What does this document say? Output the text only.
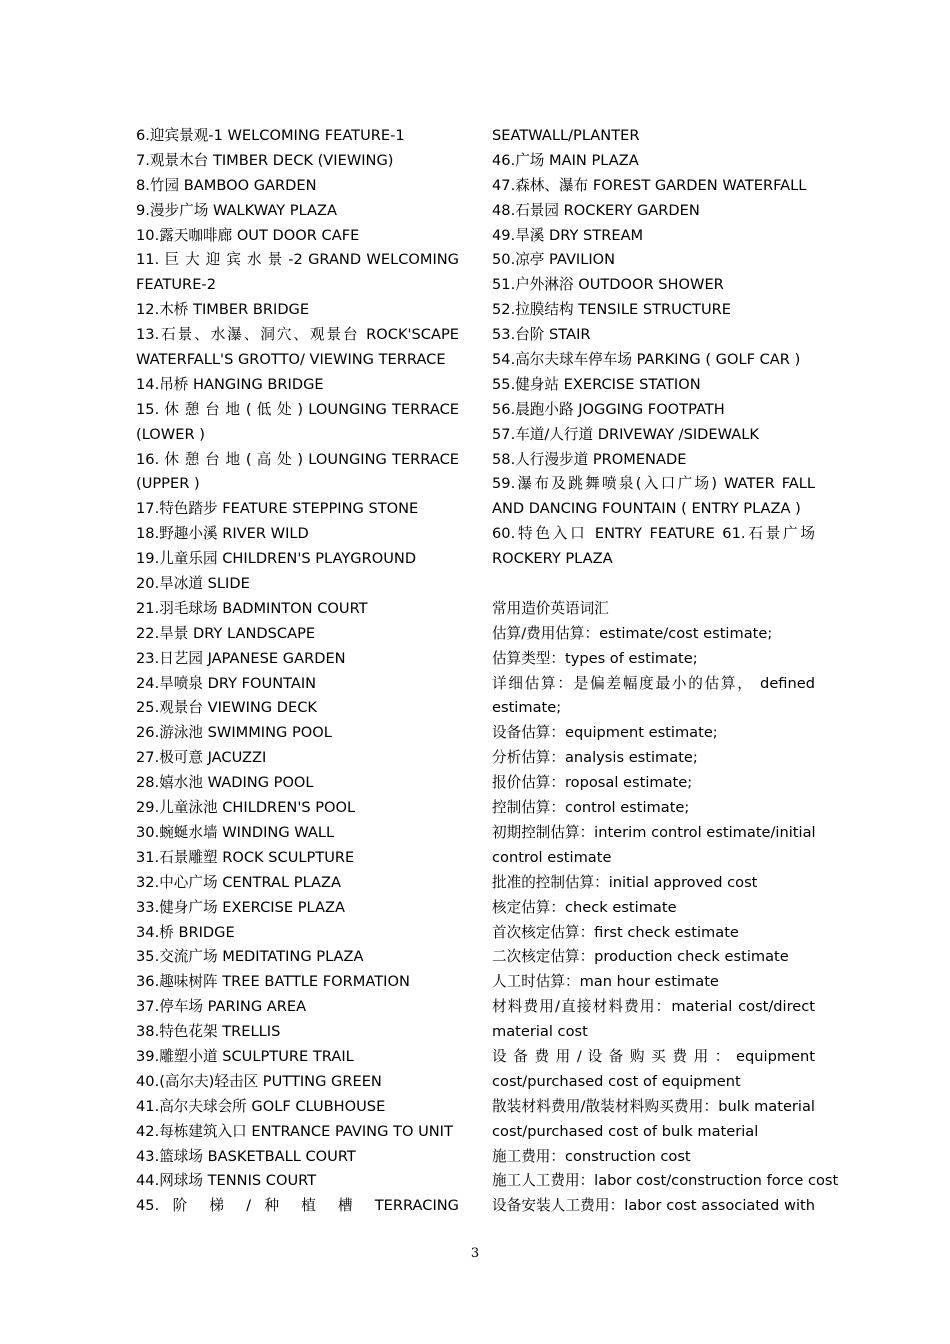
6.迎宾景观-1 WELCOMING FEATURE-1
7.观景木台 TIMBER DECK (VIEWING)
8.竹园 BAMBOO GARDEN
9.漫步广场 WALKWAY PLAZA
10.露天咖啡廊 OUT DOOR CAFE
11. 巨 大 迎 宾 水 景 -2 GRAND WELCOMING
FEATURE-2
12.木桥 TIMBER BRIDGE
13.石景、水瀑、洞穴、观景台 ROCK'SCAPE
WATERFALL'S GROTTO/ VIEWING TERRACE
14.吊桥 HANGING BRIDGE
15. 休 憩 台 地 ( 低 处 ) LOUNGING TERRACE
(LOWER )
16. 休 憩 台 地 ( 高 处 ) LOUNGING TERRACE
(UPPER )
17.特色踏步 FEATURE STEPPING STONE
18.野趣小溪 RIVER WILD
19.儿童乐园 CHILDREN'S PLAYGROUND
20.旱冰道 SLIDE
21.羽毛球场 BADMINTON COURT
22.旱景 DRY LANDSCAPE
23.日艺园 JAPANESE GARDEN
24.旱喷泉 DRY FOUNTAIN
25.观景台 VIEWING DECK
26.游泳池 SWIMMING POOL
27.极可意 JACUZZI
28.嬉水池 WADING POOL
29.儿童泳池 CHILDREN'S POOL
30.蜿蜒水墙 WINDING WALL
31.石景雕塑 ROCK SCULPTURE
32.中心广场 CENTRAL PLAZA
33.健身广场 EXERCISE PLAZA
34.桥 BRIDGE
35.交流广场 MEDITATING PLAZA
36.趣味树阵 TREE BATTLE FORMATION
37.停车场 PARING AREA
38.特色花架 TRELLIS
39.雕塑小道 SCULPTURE TRAIL
40.(高尔夫)轻击区 PUTTING GREEN
41.高尔夫球会所 GOLF CLUBHOUSE
42.每栋建筑入口 ENTRANCE PAVING TO UNIT
43.篮球场 BASKETBALL COURT
44.网球场 TENNIS COURT
45. 阶 梯 / 种 植 槽 TERRACING
SEATWALL/PLANTER
46.广场 MAIN PLAZA
47.森林、瀑布 FOREST GARDEN WATERFALL
48.石景园 ROCKERY GARDEN
49.旱溪 DRY STREAM
50.凉亭 PAVILION
51.户外淋浴 OUTDOOR SHOWER
52.拉膜结构 TENSILE STRUCTURE
53.台阶 STAIR
54.高尔夫球车停车场 PARKING ( GOLF CAR )
55.健身站 EXERCISE STATION
56.晨跑小路 JOGGING FOOTPATH
57.车道/人行道 DRIVEWAY /SIDEWALK
58.人行漫步道 PROMENADE
59.瀑布及跳舞喷泉(入口广场) WATER FALL
AND DANCING FOUNTAIN ( ENTRY PLAZA )
60.特色入口 ENTRY FEATURE 61.石景广场
ROCKERY PLAZA
常用造价英语词汇
估算/费用估算：estimate/cost estimate;
估算类型：types of estimate;
详细估算：是偏差幅度最小的估算， defined
estimate;
设备估算：equipment estimate;
分析估算：analysis estimate;
报价估算：roposal estimate;
控制估算：control estimate;
初期控制估算：interim control estimate/initial
control estimate
批准的控制估算：initial approved cost
核定估算：check estimate
首次核定估算：first check estimate
二次核定估算：production check estimate
人工时估算：man hour estimate
材料费用/直接材料费用：material cost/direct
material cost
设 备 费 用 / 设 备 购 买 费 用 ： equipment
cost/purchased cost of equipment
散装材料费用/散装材料购买费用：bulk material
cost/purchased cost of bulk material
施工费用：construction cost
施工人工费用：labor cost/construction force cost
设备安装人工费用：labor cost associated with
3
